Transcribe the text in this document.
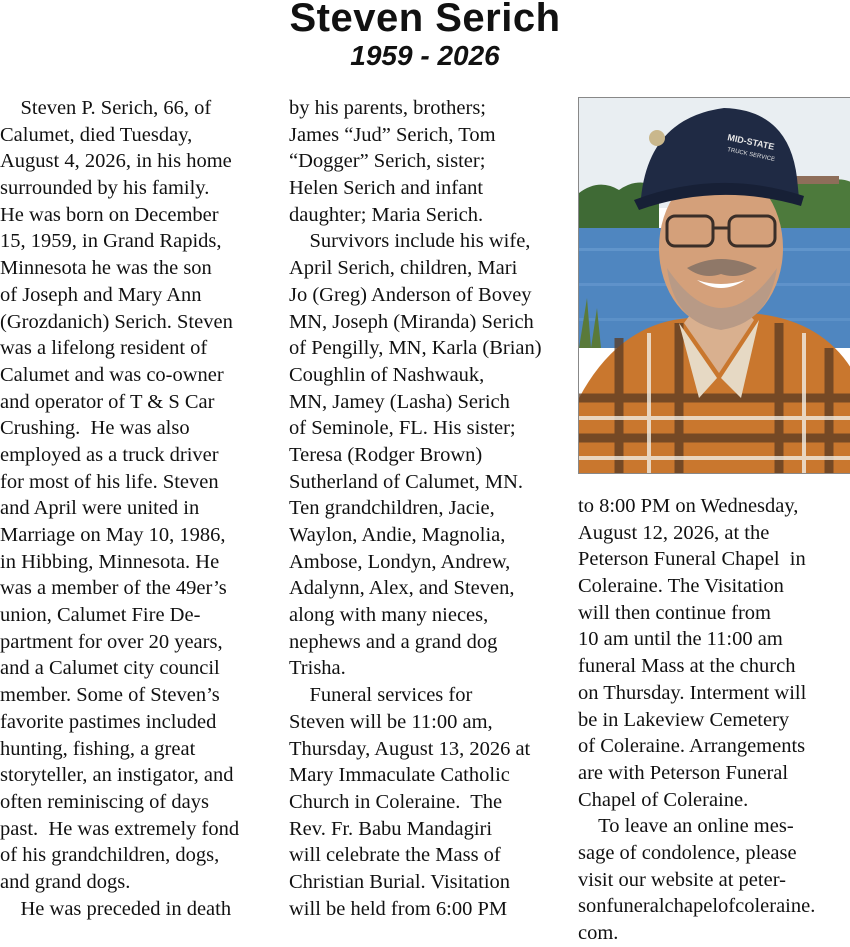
Steven Serich
1959 - 2026
Steven P. Serich, 66, of
Calumet, died Tuesday,
August 4, 2026, in his home
surrounded by his family.
He was born on December
15, 1959, in Grand Rapids,
Minnesota he was the son
of Joseph and Mary Ann
(Grozdanich) Serich. Steven
was a lifelong resident of
Calumet and was co-owner
and operator of T & S Car
Crushing.  He was also
employed as a truck driver
for most of his life. Steven
and April were united in
Marriage on May 10, 1986,
in Hibbing, Minnesota. He
was a member of the 49er’s
union, Calumet Fire De-
partment for over 20 years,
and a Calumet city council
member. Some of Steven’s
favorite pastimes included
hunting, fishing, a great
storyteller, an instigator, and
often reminiscing of days
past.  He was extremely fond
of his grandchildren, dogs,
and grand dogs.
He was preceded in death
by his parents, brothers;
James “Jud” Serich, Tom
“Dogger” Serich, sister;
Helen Serich and infant
daughter; Maria Serich.
Survivors include his wife,
April Serich, children, Mari
Jo (Greg) Anderson of Bovey
MN, Joseph (Miranda) Serich
of Pengilly, MN, Karla (Brian)
Coughlin of Nashwauk,
MN, Jamey (Lasha) Serich
of Seminole, FL. His sister;
Teresa (Rodger Brown)
Sutherland of Calumet, MN.
Ten grandchildren, Jacie,
Waylon, Andie, Magnolia,
Ambose, Londyn, Andrew,
Adalynn, Alex, and Steven,
along with many nieces,
nephews and a grand dog
Trisha.
Funeral services for
Steven will be 11:00 am,
Thursday, August 13, 2026 at
Mary Immaculate Catholic
Church in Coleraine.  The
Rev. Fr. Babu Mandagiri
will celebrate the Mass of
Christian Burial. Visitation
will be held from 6:00 PM
to 8:00 PM on Wednesday,
August 12, 2026, at the
Peterson Funeral Chapel  in
Coleraine. The Visitation
will then continue from
10 am until the 11:00 am
funeral Mass at the church
on Thursday. Interment will
be in Lakeview Cemetery
of Coleraine. Arrangements
are with Peterson Funeral
Chapel of Coleraine.
To leave an online mes-
sage of condolence, please
visit our website at peter-
sonfuneralchapelofcoleraine.
com.
MID-STATE
TRUCK SERVICE
